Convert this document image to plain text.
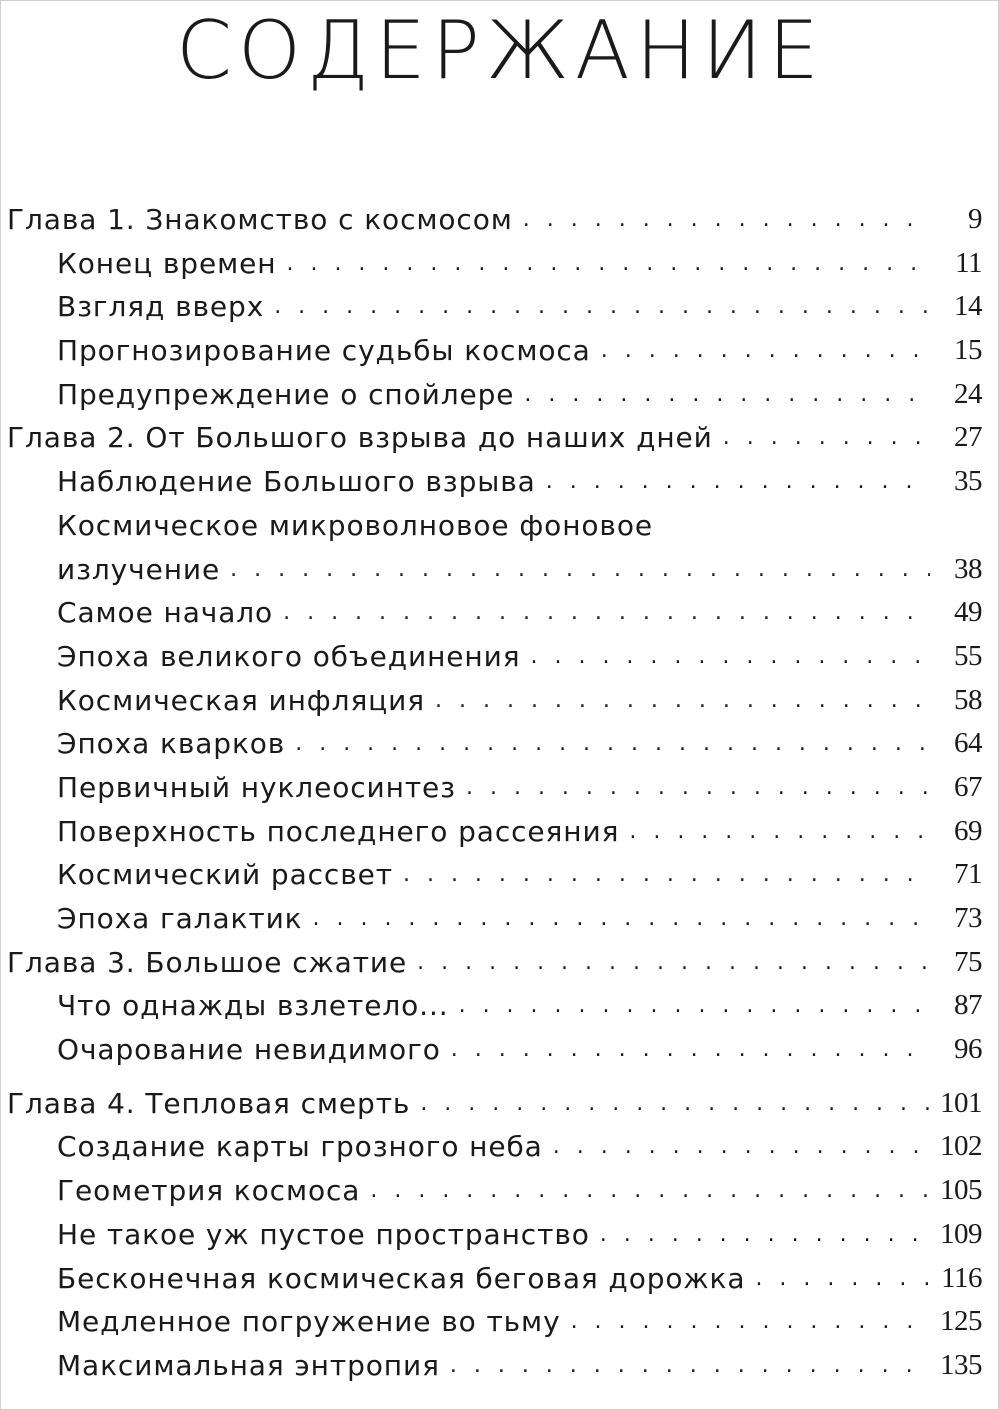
СОДЕРЖАНИЕ
Глава 1. Знакомство с космосом . . .	9
Конец времен . . .	11
Взгляд вверх . . .	14
Прогнозирование судьбы космоса . . .	15
Предупреждение о спойлере . . .	24
Глава 2. От Большого взрыва до наших дней . . .	27
Наблюдение Большого взрыва . . .	35
Космическое микроволновое фоновое
излучение . . .	38
Самое начало . . .	49
Эпоха великого объединения . . .	55
Космическая инфляция . . .	58
Эпоха кварков . . .	64
Первичный нуклеосинтез . . .	67
Поверхность последнего рассеяния . . .	69
Космический рассвет . . .	71
Эпоха галактик . . .	73
Глава 3. Большое сжатие . . .	75
Что однажды взлетело... . . .	87
Очарование невидимого . . .	96
Глава 4. Тепловая смерть . . .	101
Создание карты грозного неба . . .	102
Геометрия космоса . . .	105
Не такое уж пустое пространство . . .	109
Бесконечная космическая беговая дорожка . . .	116
Медленное погружение во тьму . . .	125
Максимальная энтропия . . .	135
